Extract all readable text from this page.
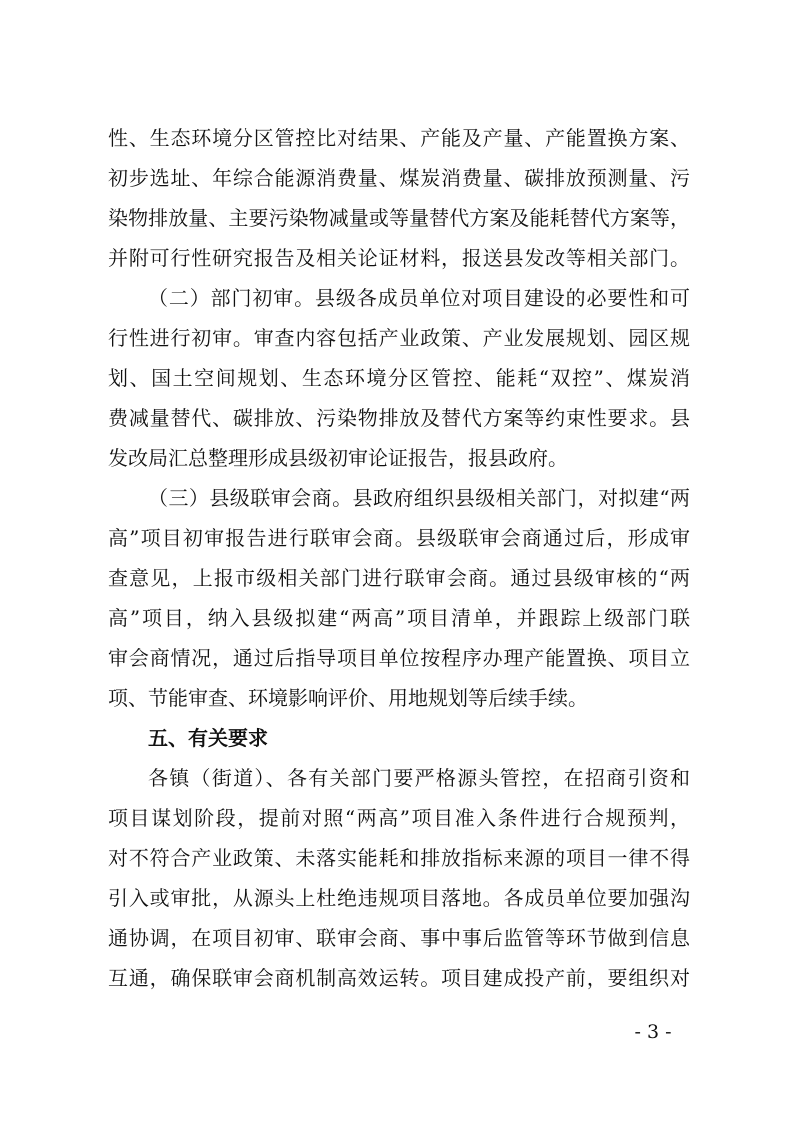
性、生态环境分区管控比对结果、产能及产量、产能置换方案、
初步选址、年综合能源消费量、煤炭消费量、碳排放预测量、污
染物排放量、主要污染物减量或等量替代方案及能耗替代方案等，
并附可行性研究报告及相关论证材料，报送县发改等相关部门。
（二）部门初审。县级各成员单位对项目建设的必要性和可
行性进行初审。审查内容包括产业政策、产业发展规划、园区规
划、国土空间规划、生态环境分区管控、能耗“双控”、煤炭消
费减量替代、碳排放、污染物排放及替代方案等约束性要求。县
发改局汇总整理形成县级初审论证报告，报县政府。
（三）县级联审会商。县政府组织县级相关部门，对拟建“两
高”项目初审报告进行联审会商。县级联审会商通过后，形成审
查意见，上报市级相关部门进行联审会商。通过县级审核的“两
高”项目，纳入县级拟建“两高”项目清单，并跟踪上级部门联
审会商情况，通过后指导项目单位按程序办理产能置换、项目立
项、节能审查、环境影响评价、用地规划等后续手续。
五、有关要求
各镇（街道）、各有关部门要严格源头管控，在招商引资和
项目谋划阶段，提前对照“两高”项目准入条件进行合规预判，
对不符合产业政策、未落实能耗和排放指标来源的项目一律不得
引入或审批，从源头上杜绝违规项目落地。各成员单位要加强沟
通协调，在项目初审、联审会商、事中事后监管等环节做到信息
互通，确保联审会商机制高效运转。项目建成投产前，要组织对
- 3 -
